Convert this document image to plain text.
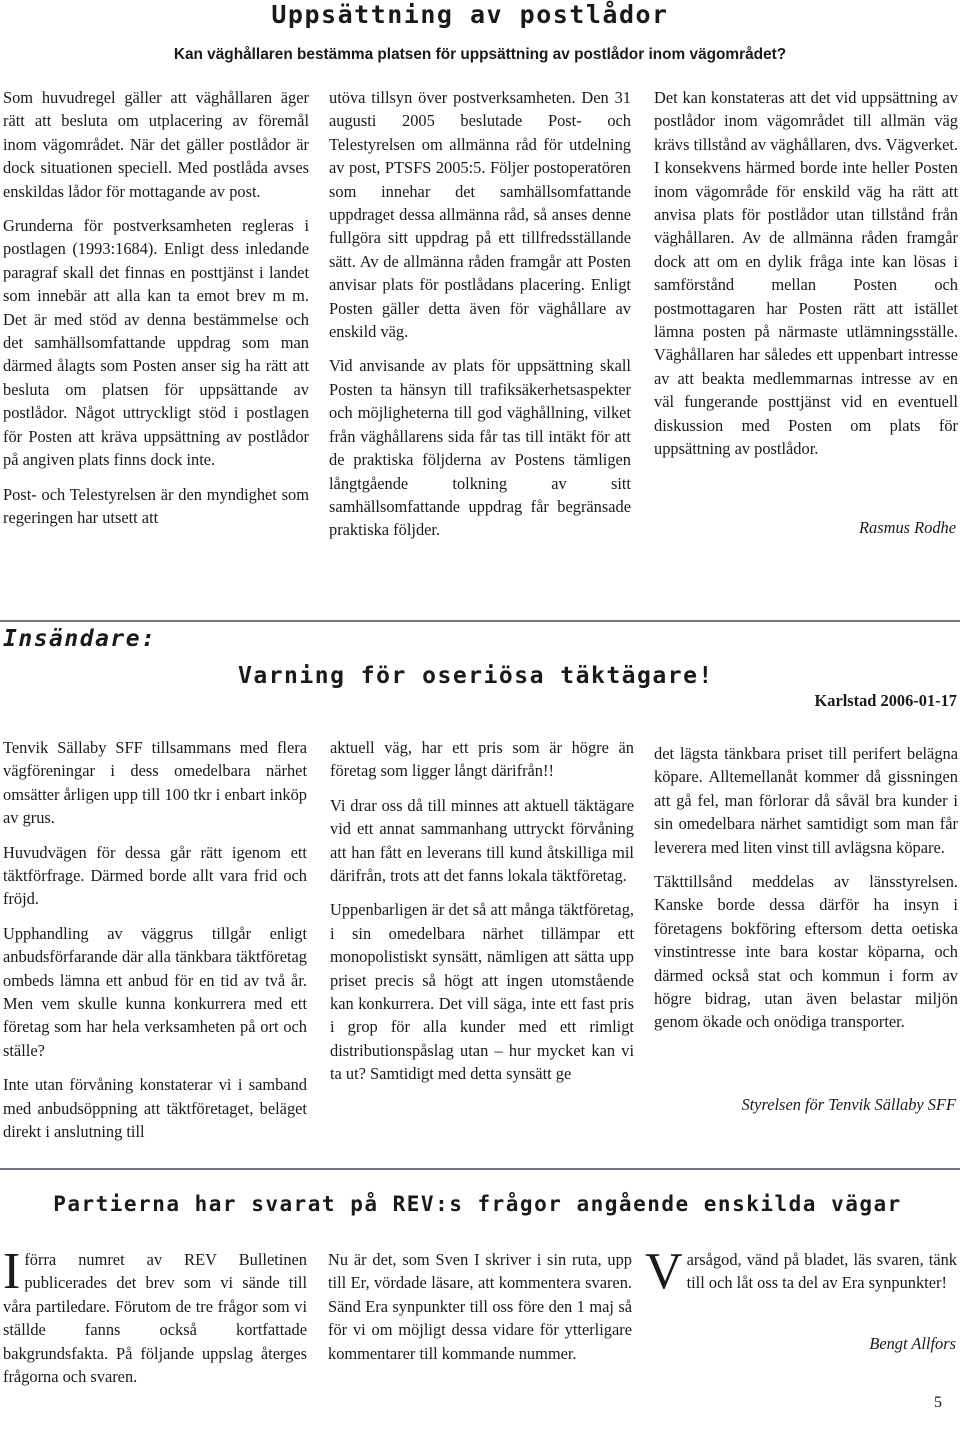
Uppsättning av postlådor
Kan väghållaren bestämma platsen för uppsättning av postlådor inom vägområdet?

Som huvudregel gäller att väghållaren äger rätt att besluta om utplacering av föremål inom vägområdet. När det gäller postlådor är dock situationen speciell. Med postlåda avses enskildas lådor för mottagande av post.

Grunderna för postverksamheten regleras i postlagen (1993:1684). Enligt dess inledande paragraf skall det finnas en posttjänst i landet som innebär att alla kan ta emot brev m m. Det är med stöd av denna bestämmelse och det samhällsomfattande uppdrag som man därmed ålagts som Posten anser sig ha rätt att besluta om platsen för uppsättande av postlådor. Något uttryckligt stöd i postlagen för Posten att kräva uppsättning av postlådor på angiven plats finns dock inte.

Post- och Telestyrelsen är den myndighet som regeringen har utsett att

utöva tillsyn över postverksamheten. Den 31 augusti 2005 beslutade Post- och Telestyrelsen om allmänna råd för utdelning av post, PTSFS 2005:5. Följer postoperatören som innehar det samhällsomfattande uppdraget dessa allmänna råd, så anses denne fullgöra sitt uppdrag på ett tillfredsställande sätt. Av de allmänna råden framgår att Posten anvisar plats för postlådans placering. Enligt Posten gäller detta även för väghållare av enskild väg.

Vid anvisande av plats för uppsättning skall Posten ta hänsyn till trafiksäkerhetsaspekter och möjligheterna till god väghållning, vilket från väghållarens sida får tas till intäkt för att de praktiska följderna av Postens tämligen långtgående tolkning av sitt samhällsomfattande uppdrag får begränsade praktiska följder.

Det kan konstateras att det vid uppsättning av postlådor inom vägområdet till allmän väg krävs tillstånd av väghållaren, dvs. Vägverket. I konsekvens härmed borde inte heller Posten inom vägområde för enskild väg ha rätt att anvisa plats för postlådor utan tillstånd från väghållaren. Av de allmänna råden framgår dock att om en dylik fråga inte kan lösas i samförstånd mellan Posten och postmottagaren har Posten rätt att istället lämna posten på närmaste utlämningsställe. Väghållaren har således ett uppenbart intresse av att beakta medlemmarnas intresse av en väl fungerande posttjänst vid en eventuell diskussion med Posten om plats för uppsättning av postlådor.

Rasmus Rodhe
Insändare:
Varning för oseriösa täktägare!
Karlstad 2006-01-17

Tenvik Sällaby SFF tillsammans med flera vägföreningar i dess omedelbara närhet omsätter årligen upp till 100 tkr i enbart inköp av grus.

Huvudvägen för dessa går rätt igenom ett täktförfrage. Därmed borde allt vara frid och fröjd.

Upphandling av väggrus tillgår enligt anbudsförfarande där alla tänkbara täktföretag ombeds lämna ett anbud för en tid av två år. Men vem skulle kunna konkurrera med ett företag som har hela verksamheten på ort och ställe?

Inte utan förvåning konstaterar vi i samband med anbudsöppning att täktföretaget, beläget direkt i anslutning till

aktuell väg, har ett pris som är högre än företag som ligger långt därifrån!!

Vi drar oss då till minnes att aktuell täktägare vid ett annat sammanhang uttryckt förvåning att han fått en leverans till kund åtskilliga mil därifrån, trots att det fanns lokala täktföretag.

Uppenbarligen är det så att många täktföretag, i sin omedelbara närhet tillämpar ett monopolistiskt synsätt, nämligen att sätta upp priset precis så högt att ingen utomstående kan konkurrera. Det vill säga, inte ett fast pris i grop för alla kunder med ett rimligt distributionspåslag utan – hur mycket kan vi ta ut? Samtidigt med detta synsätt ge

det lägsta tänkbara priset till perifert belägna köpare. Alltemellanåt kommer då gissningen att gå fel, man förlorar då såväl bra kunder i sin omedelbara närhet samtidigt som man får leverera med liten vinst till avlägsna köpare.

Täkttillsånd meddelas av länsstyrelsen. Kanske borde dessa därför ha insyn i företagens bokföring eftersom detta oetiska vinstintresse inte bara kostar köparna, och därmed också stat och kommun i form av högre bidrag, utan även belastar miljön genom ökade och onödiga transporter.

Styrelsen för Tenvik Sällaby SFF
Partierna har svarat på REV:s frågor angående enskilda vägar

Iförra numret av REV Bulletinen publicerades det brev som vi sände till våra partiledare. Förutom de tre frågor som vi ställde fanns också kortfattade bakgrundsfakta. På följande uppslag återges frågorna och svaren.

Nu är det, som Sven I skriver i sin ruta, upp till Er, vördade läsare, att kommentera svaren. Sänd Era synpunkter till oss före den 1 maj så för vi om möjligt dessa vidare för ytterligare kommentarer till kommande nummer.

Varsågod, vänd på bladet, läs svaren, tänk till och låt oss ta del av Era synpunkter!

Bengt Allfors
5
